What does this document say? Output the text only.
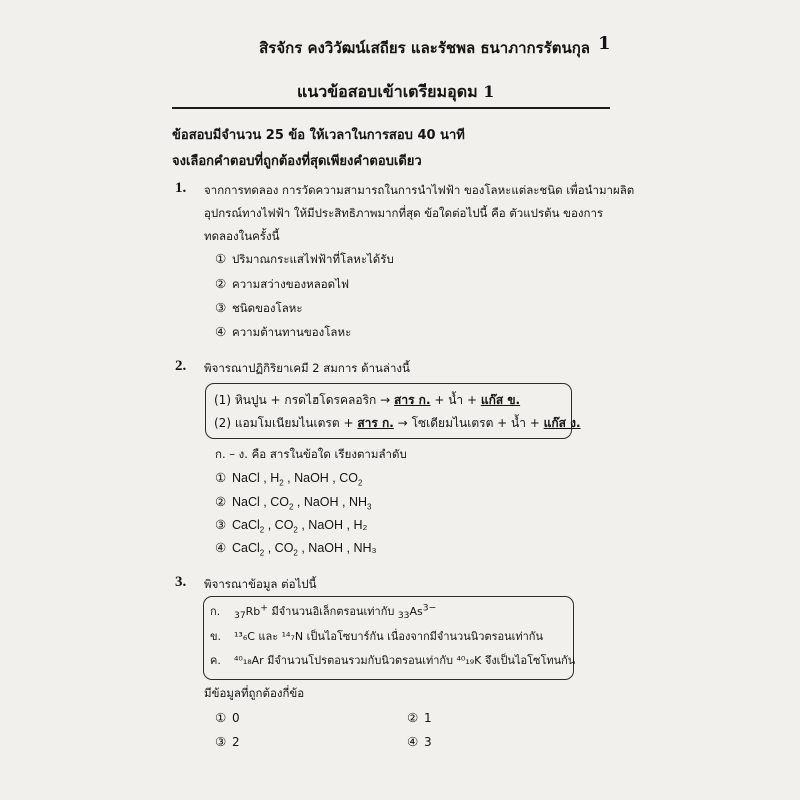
สิรจักร คงวิวัฒน์เสถียร และรัชพล ธนาภากรรัตนกุล 1
แนวข้อสอบเข้าเตรียมอุดม 1
ข้อสอบมีจำนวน 25 ข้อ ให้เวลาในการสอบ 40 นาที
จงเลือกคำตอบที่ถูกต้องที่สุดเพียงคำตอบเดียว
1. จากการทดลอง การวัดความสามารถในการนำไฟฟ้า ของโลหะแต่ละชนิด เพื่อนำมาผลิต
อุปกรณ์ทางไฟฟ้า ให้มีประสิทธิภาพมากที่สุด ข้อใดต่อไปนี้ คือ ตัวแปรต้น ของการ
ทดลองในครั้งนี้
① ปริมาณกระแสไฟฟ้าที่โลหะได้รับ
② ความสว่างของหลอดไฟ
③ ชนิดของโลหะ
④ ความต้านทานของโลหะ
2. พิจารณาปฏิกิริยาเคมี 2 สมการ ด้านล่างนี้
(1) หินปูน + กรดไฮโดรคลอริก → สาร ก. + น้ำ + แก๊ส ข.
(2) แอมโมเนียมไนเตรต + สาร ก. → โซเดียมไนเตรต + น้ำ + แก๊ส ง.
ก. – ง. คือ สารในข้อใด เรียงตามลำดับ
① NaCl , $H_2$ , NaOH , $CO_2$
② NaCl , $CO_2$ , NaOH , $NH_3$
③ CaCl$_2$ , $CO_2$ , NaOH , H₂
④ CaCl$_2$ , $CO_2$ , NaOH , NH₃
3. พิจารณาข้อมูล ต่อไปนี้
ก. $_{37}$Rb+ มีจำนวนอิเล็กตรอนเท่ากับ $_{33}As^{3-}$
ข. ¹³₆C และ ¹⁴₇N เป็นไอโซบาร์กัน เนื่องจากมีจำนวนนิวตรอนเท่ากัน
ค. ⁴⁰₁₈Ar มีจำนวนโปรตอนรวมกับนิวตรอนเท่ากับ ⁴⁰₁₉K จึงเป็นไอโซโทนกัน
มีข้อมูลที่ถูกต้องกี่ข้อ
① 0	② 1
③ 2	④ 3
